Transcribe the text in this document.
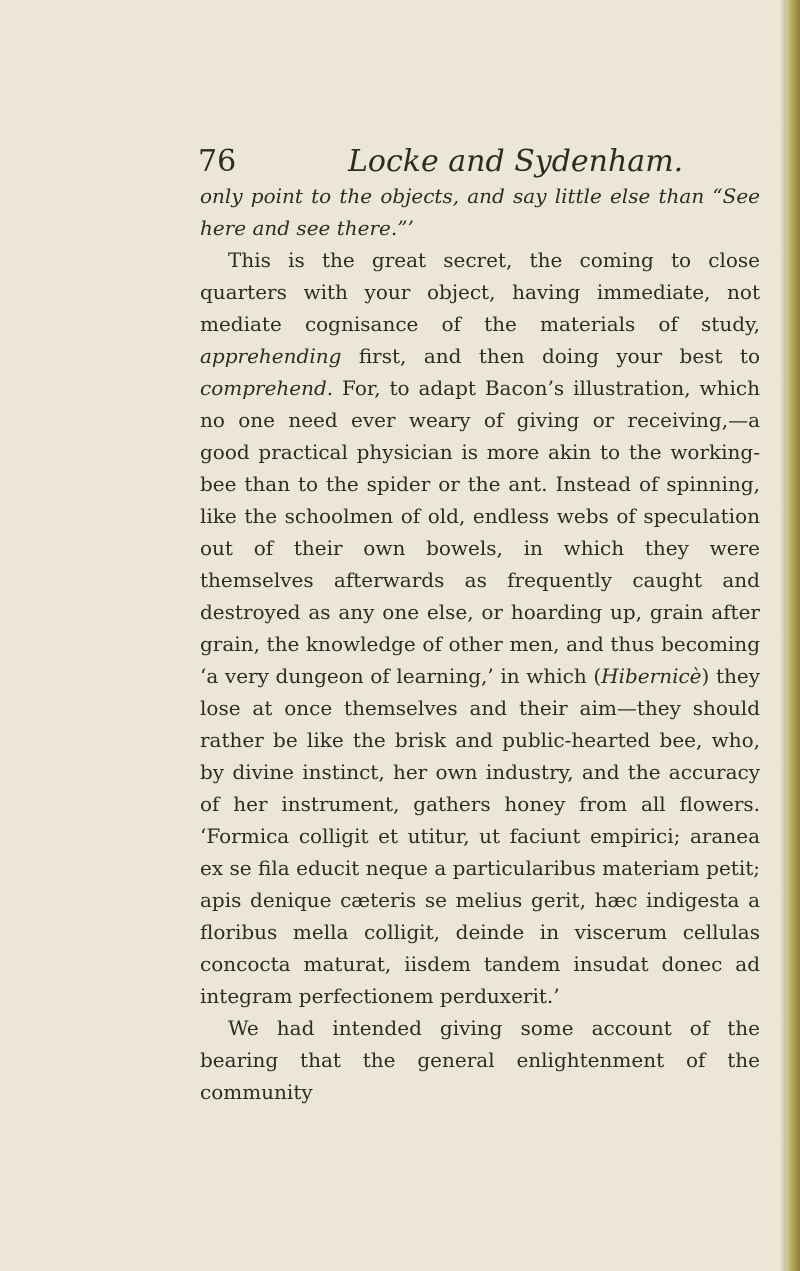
76	Locke and Sydenham.

only point to the objects, and say little else than “See here and see there.”’

This is the great secret, the coming to close quarters with your object, having immediate, not mediate cognisance of the materials of study, apprehending first, and then doing your best to comprehend. For, to adapt Bacon’s illustration, which no one need ever weary of giving or receiving,—a good practical physician is more akin to the working-bee than to the spider or the ant. Instead of spinning, like the schoolmen of old, endless webs of speculation out of their own bowels, in which they were themselves afterwards as frequently caught and destroyed as any one else, or hoarding up, grain after grain, the knowledge of other men, and thus becoming ‘a very dungeon of learning,’ in which (Hibernicè) they lose at once themselves and their aim—they should rather be like the brisk and public-hearted bee, who, by divine instinct, her own industry, and the accuracy of her instrument, gathers honey from all flowers. ‘Formica colligit et utitur, ut faciunt empirici; aranea ex se fila educit neque a particularibus materiam petit; apis denique cæteris se melius gerit, hæc indigesta a floribus mella colligit, deinde in viscerum cellulas concocta maturat, iisdem tandem insudat donec ad integram perfectionem perduxerit.’

We had intended giving some account of the bearing that the general enlightenment of the community
